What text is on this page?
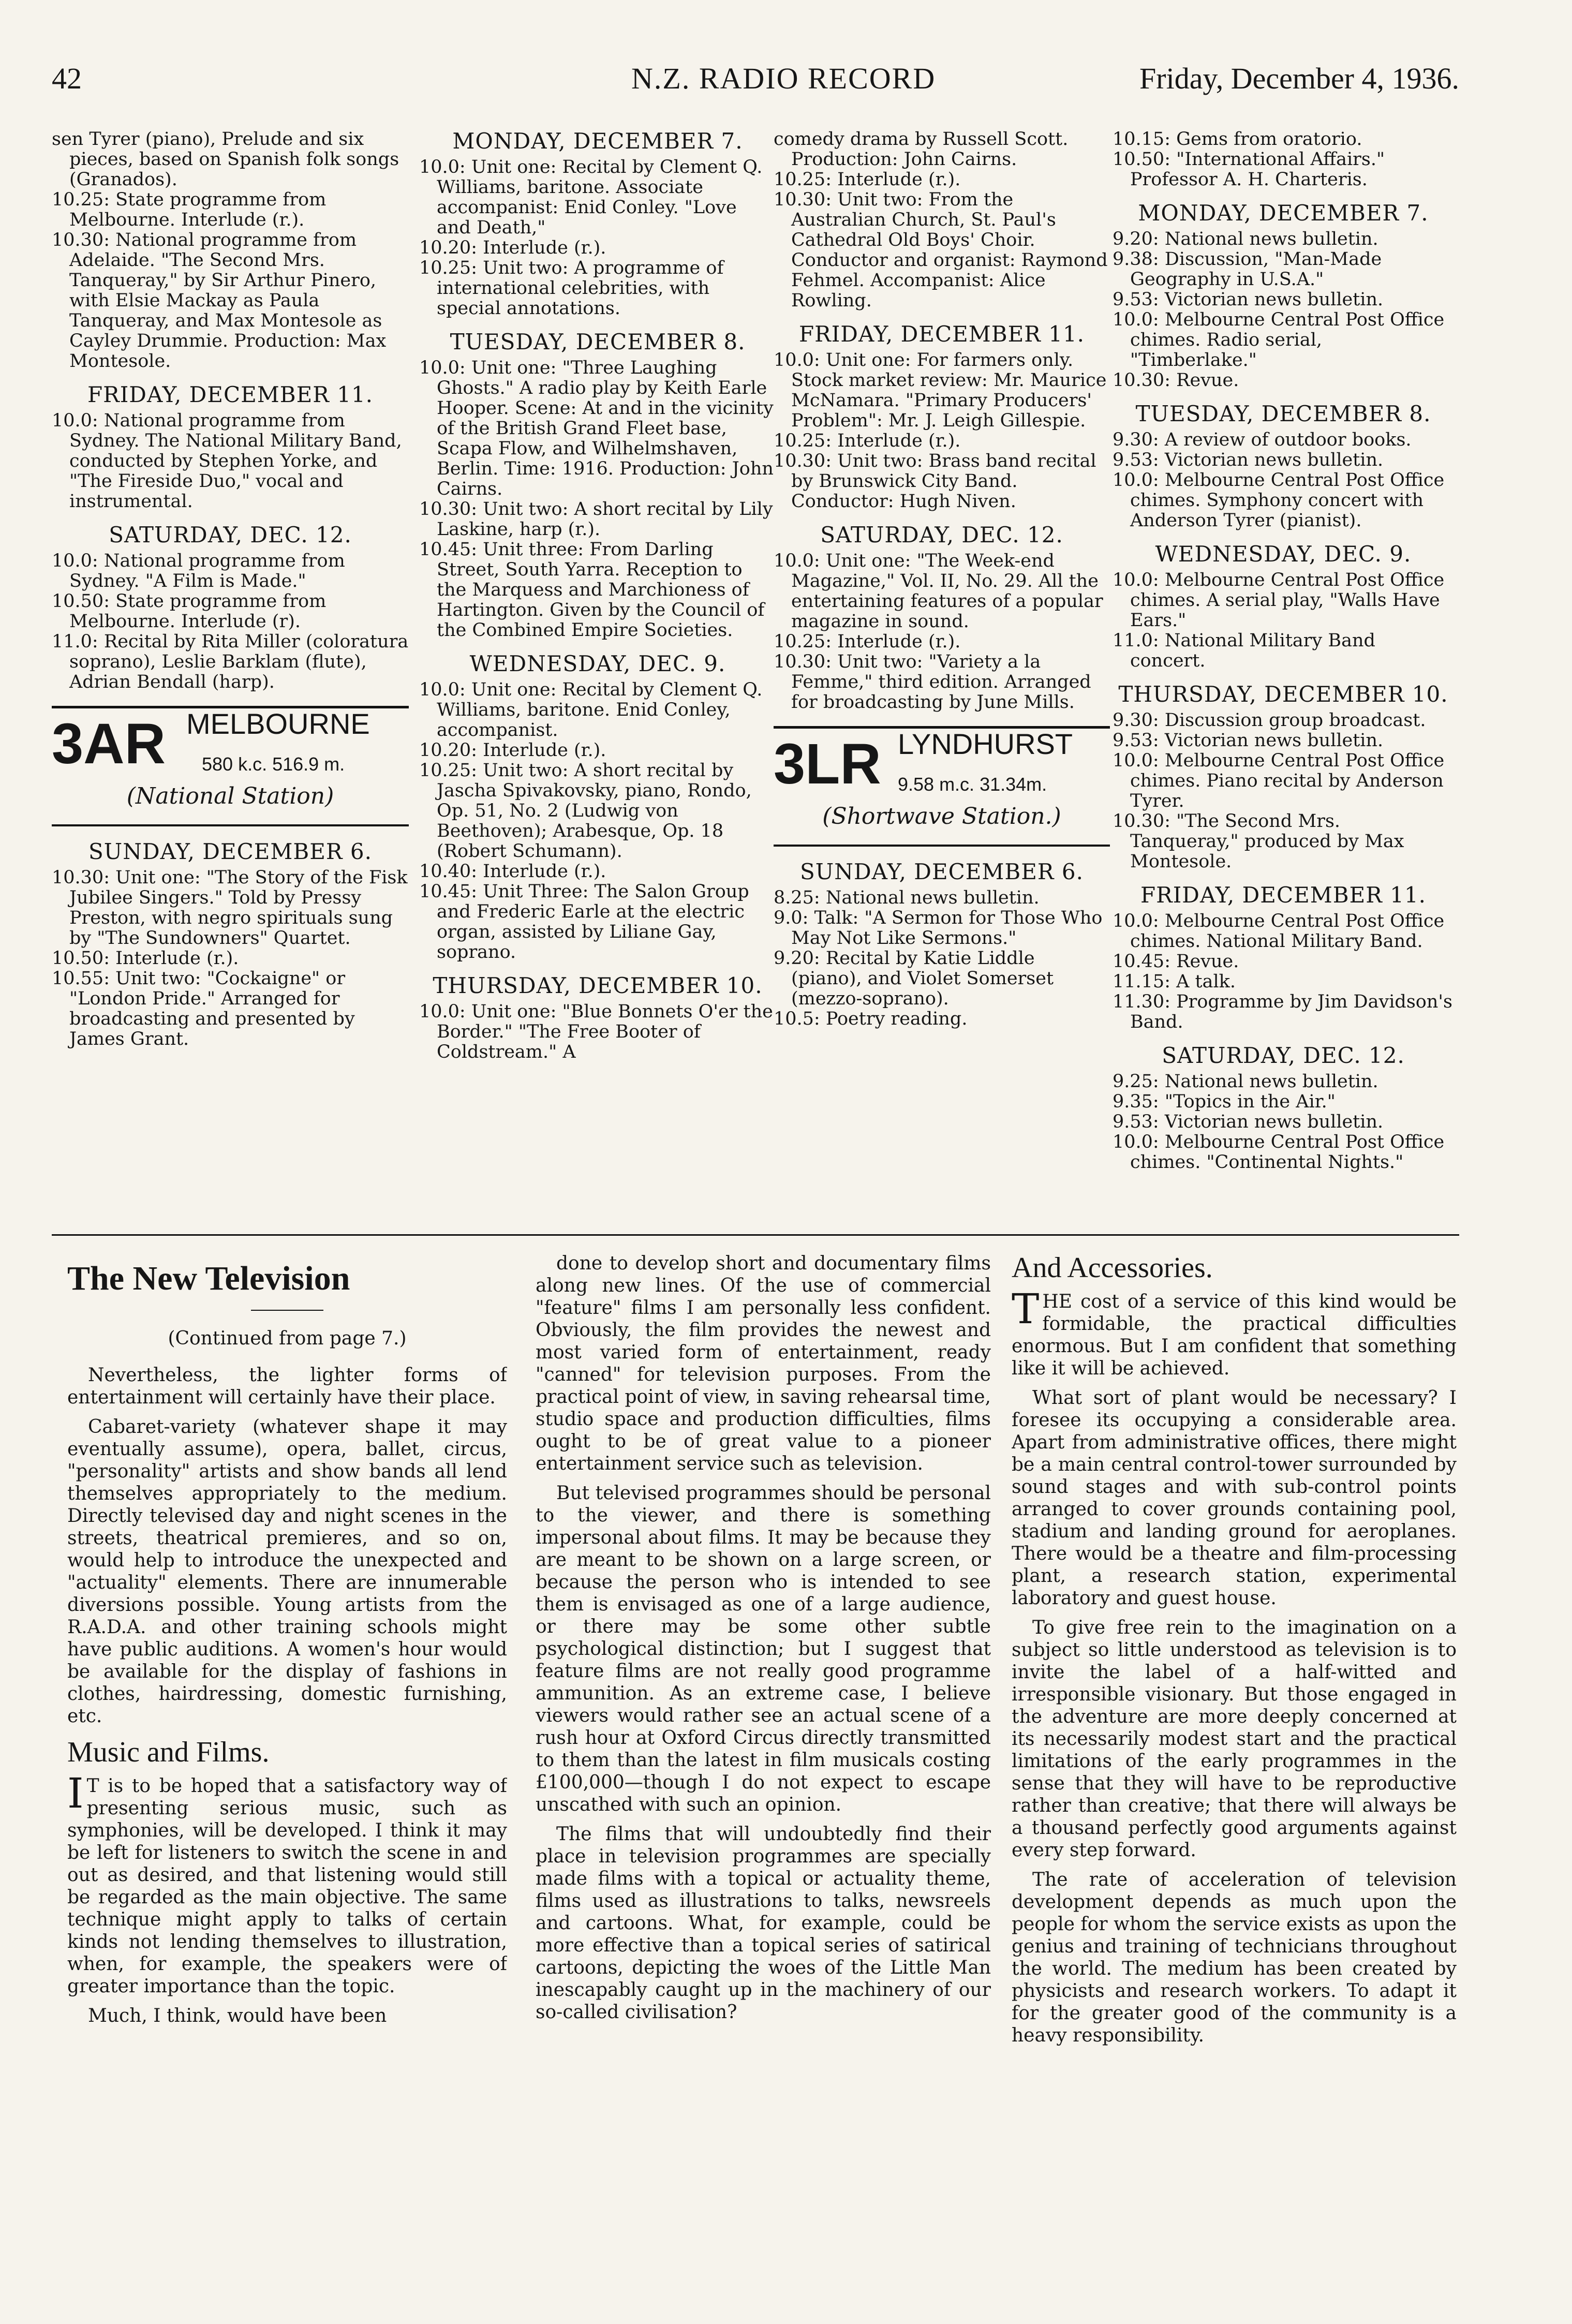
42	N.Z. RADIO RECORD	Friday, December 4, 1936.

sen Tyrer (piano), Prelude and six pieces, based on Spanish folk songs (Granados).

10.25: State programme from Melbourne. Interlude (r.).

10.30: National programme from Adelaide. "The Second Mrs. Tanqueray," by Sir Arthur Pinero, with Elsie Mackay as Paula Tanqueray, and Max Montesole as Cayley Drummie. Production: Max Montesole.

FRIDAY, DECEMBER 11.

10.0: National programme from Sydney. The National Military Band, conducted by Stephen Yorke, and "The Fireside Duo," vocal and instrumental.

SATURDAY, DEC. 12.

10.0: National programme from Sydney. "A Film is Made."

10.50: State programme from Melbourne. Interlude (r).

11.0: Recital by Rita Miller (coloratura soprano), Leslie Barklam (flute), Adrian Bendall (harp).

3AR MELBOURNE
580 k.c. 516.9 m.
(National Station)
SUNDAY, DECEMBER 6.

10.30: Unit one: "The Story of the Fisk Jubilee Singers." Told by Pressy Preston, with negro spirituals sung by "The Sundowners" Quartet.

10.50: Interlude (r.).

10.55: Unit two: "Cockaigne" or "London Pride." Arranged for broadcasting and presented by James Grant.

MONDAY, DECEMBER 7.

10.0: Unit one: Recital by Clement Q. Williams, baritone. Associate accompanist: Enid Conley. "Love and Death,"

10.20: Interlude (r.).

10.25: Unit two: A programme of international celebrities, with special annotations.

TUESDAY, DECEMBER 8.

10.0: Unit one: "Three Laughing Ghosts." A radio play by Keith Earle Hooper. Scene: At and in the vicinity of the British Grand Fleet base, Scapa Flow, and Wilhelmshaven, Berlin. Time: 1916. Production: John Cairns.

10.30: Unit two: A short recital by Lily Laskine, harp (r.).

10.45: Unit three: From Darling Street, South Yarra. Reception to the Marquess and Marchioness of Hartington. Given by the Council of the Combined Empire Societies.

WEDNESDAY, DEC. 9.

10.0: Unit one: Recital by Clement Q. Williams, baritone. Enid Conley, accompanist.

10.20: Interlude (r.).

10.25: Unit two: A short recital by Jascha Spivakovsky, piano, Rondo, Op. 51, No. 2 (Ludwig von Beethoven); Arabesque, Op. 18 (Robert Schumann).

10.40: Interlude (r.).

10.45: Unit Three: The Salon Group and Frederic Earle at the electric organ, assisted by Liliane Gay, soprano.

THURSDAY, DECEMBER 10.

10.0: Unit one: "Blue Bonnets O'er the Border." "The Free Booter of Coldstream." A

comedy drama by Russell Scott. Production: John Cairns.

10.25: Interlude (r.).

10.30: Unit two: From the Australian Church, St. Paul's Cathedral Old Boys' Choir. Conductor and organist: Raymond Fehmel. Accompanist: Alice Rowling.

FRIDAY, DECEMBER 11.

10.0: Unit one: For farmers only. Stock market review: Mr. Maurice McNamara. "Primary Producers' Problem": Mr. J. Leigh Gillespie.

10.25: Interlude (r.).

10.30: Unit two: Brass band recital by Brunswick City Band. Conductor: Hugh Niven.

SATURDAY, DEC. 12.

10.0: Unit one: "The Week-end Magazine," Vol. II, No. 29. All the entertaining features of a popular magazine in sound.

10.25: Interlude (r.).

10.30: Unit two: "Variety a la Femme," third edition. Arranged for broadcasting by June Mills.

3LR LYNDHURST
9.58 m.c. 31.34m.
(Shortwave Station.)
SUNDAY, DECEMBER 6.

8.25: National news bulletin.

9.0: Talk: "A Sermon for Those Who May Not Like Sermons."

9.20: Recital by Katie Liddle (piano), and Violet Somerset (mezzo-soprano).

10.5: Poetry reading.

10.15: Gems from oratorio.

10.50: "International Affairs." Professor A. H. Charteris.

MONDAY, DECEMBER 7.

9.20: National news bulletin.

9.38: Discussion, "Man-Made Geography in U.S.A."

9.53: Victorian news bulletin.

10.0: Melbourne Central Post Office chimes. Radio serial, "Timberlake."

10.30: Revue.

TUESDAY, DECEMBER 8.

9.30: A review of outdoor books.

9.53: Victorian news bulletin.

10.0: Melbourne Central Post Office chimes. Symphony concert with Anderson Tyrer (pianist).

WEDNESDAY, DEC. 9.

10.0: Melbourne Central Post Office chimes. A serial play, "Walls Have Ears."

11.0: National Military Band concert.

THURSDAY, DECEMBER 10.

9.30: Discussion group broadcast.

9.53: Victorian news bulletin.

10.0: Melbourne Central Post Office chimes. Piano recital by Anderson Tyrer.

10.30: "The Second Mrs. Tanqueray," produced by Max Montesole.

FRIDAY, DECEMBER 11.

10.0: Melbourne Central Post Office chimes. National Military Band.

10.45: Revue.

11.15: A talk.

11.30: Programme by Jim Davidson's Band.

SATURDAY, DEC. 12.

9.25: National news bulletin.

9.35: "Topics in the Air."

9.53: Victorian news bulletin.

10.0: Melbourne Central Post Office chimes. "Continental Nights."

The New Television

(Continued from page 7.)

Nevertheless, the lighter forms of entertainment will certainly have their place.

Cabaret-variety (whatever shape it may eventually assume), opera, ballet, circus, "personality" artists and show bands all lend themselves appropriately to the medium. Directly televised day and night scenes in the streets, theatrical premieres, and so on, would help to introduce the unexpected and "actuality" elements. There are innumerable diversions possible. Young artists from the R.A.D.A. and other training schools might have public auditions. A women's hour would be available for the display of fashions in clothes, hairdressing, domestic furnishing, etc.

Music and Films.

I T is to be hoped that a satisfactory way of presenting serious music, such as symphonies, will be developed. I think it may be left for listeners to switch the scene in and out as desired, and that listening would still be regarded as the main objective. The same technique might apply to talks of certain kinds not lending themselves to illustration, when, for example, the speakers were of greater importance than the topic.

Much, I think, would have been

done to develop short and documentary films along new lines. Of the use of commercial "feature" films I am personally less confident. Obviously, the film provides the newest and most varied form of entertainment, ready "canned" for television purposes. From the practical point of view, in saving rehearsal time, studio space and production difficulties, films ought to be of great value to a pioneer entertainment service such as television.

But televised programmes should be personal to the viewer, and there is something impersonal about films. It may be because they are meant to be shown on a large screen, or because the person who is intended to see them is envisaged as one of a large audience, or there may be some other subtle psychological distinction; but I suggest that feature films are not really good programme ammunition. As an extreme case, I believe viewers would rather see an actual scene of a rush hour at Oxford Circus directly transmitted to them than the latest in film musicals costing £100,000—though I do not expect to escape unscathed with such an opinion.

The films that will undoubtedly find their place in television programmes are specially made films with a topical or actuality theme, films used as illustrations to talks, newsreels and cartoons. What, for example, could be more effective than a topical series of satirical cartoons, depicting the woes of the Little Man inescapably caught up in the machinery of our so-called civilisation?

And Accessories.

THE cost of a service of this kind would be formidable, the practical difficulties enormous. But I am confident that something like it will be achieved.

What sort of plant would be necessary? I foresee its occupying a considerable area. Apart from administrative offices, there might be a main central control-tower surrounded by sound stages and with sub-control points arranged to cover grounds containing pool, stadium and landing ground for aeroplanes. There would be a theatre and film-processing plant, a research station, experimental laboratory and guest house.

To give free rein to the imagination on a subject so little understood as television is to invite the label of a half-witted and irresponsible visionary. But those engaged in the adventure are more deeply concerned at its necessarily modest start and the practical limitations of the early programmes in the sense that they will have to be reproductive rather than creative; that there will always be a thousand perfectly good arguments against every step forward.

The rate of acceleration of television development depends as much upon the people for whom the service exists as upon the genius and training of technicians throughout the world. The medium has been created by physicists and research workers. To adapt it for the greater good of the community is a heavy responsibility.
